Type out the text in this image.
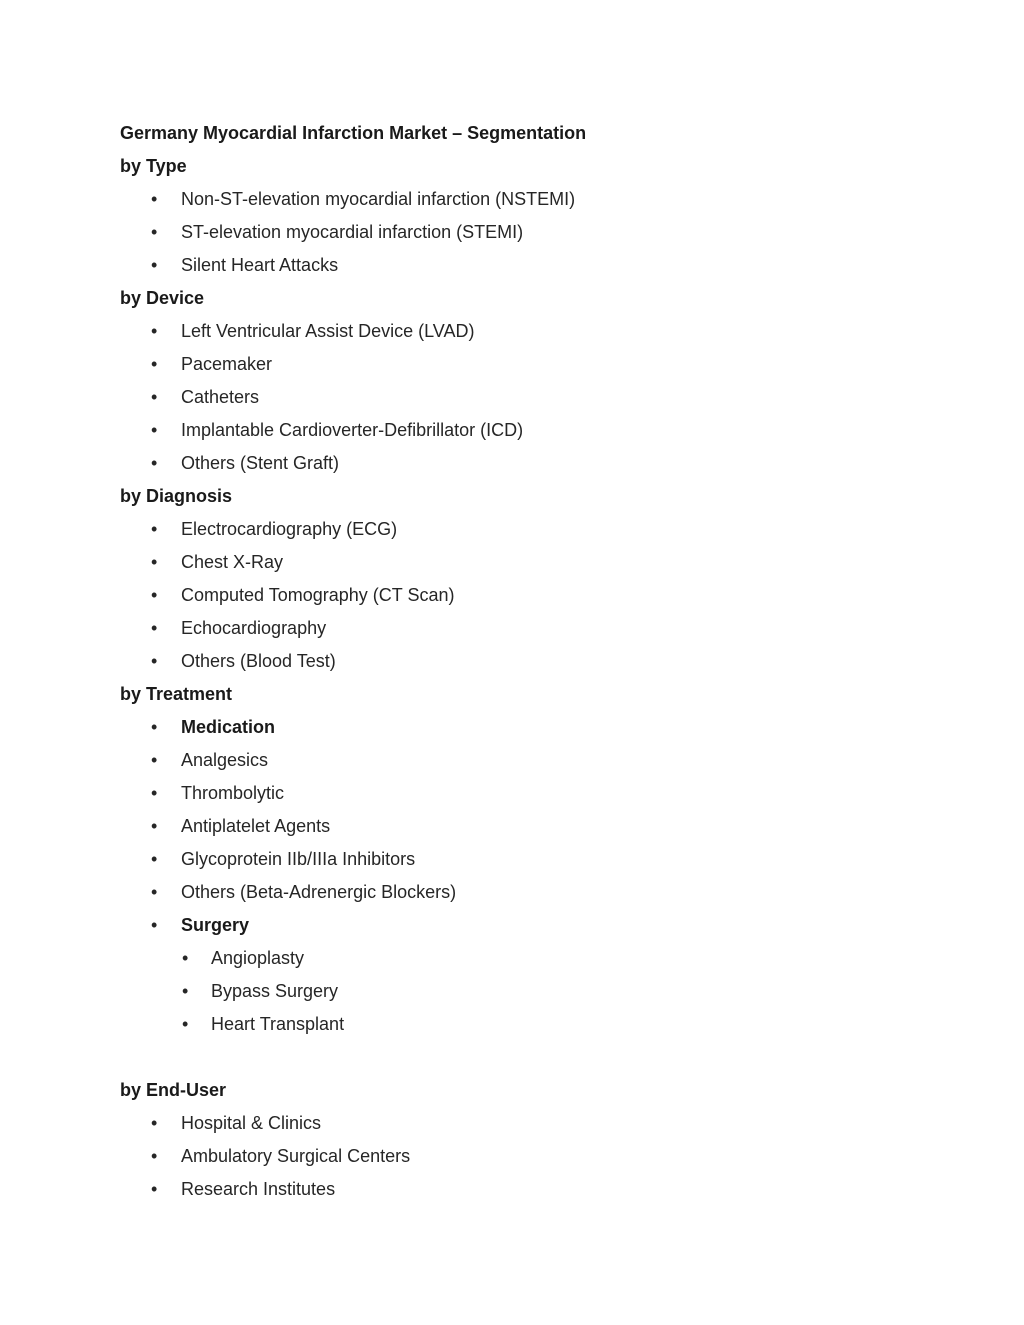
Germany Myocardial Infarction Market – Segmentation
by Type
• Non-ST-elevation myocardial infarction (NSTEMI)
• ST-elevation myocardial infarction (STEMI)
• Silent Heart Attacks
by Device
• Left Ventricular Assist Device (LVAD)
• Pacemaker
• Catheters
• Implantable Cardioverter-Defibrillator (ICD)
• Others (Stent Graft)
by Diagnosis
• Electrocardiography (ECG)
• Chest X-Ray
• Computed Tomography (CT Scan)
• Echocardiography
• Others (Blood Test)
by Treatment
• Medication
• Analgesics
• Thrombolytic
• Antiplatelet Agents
• Glycoprotein IIb/IIIa Inhibitors
• Others (Beta-Adrenergic Blockers)
• Surgery
• Angioplasty
• Bypass Surgery
• Heart Transplant
by End-User
• Hospital & Clinics
• Ambulatory Surgical Centers
• Research Institutes
